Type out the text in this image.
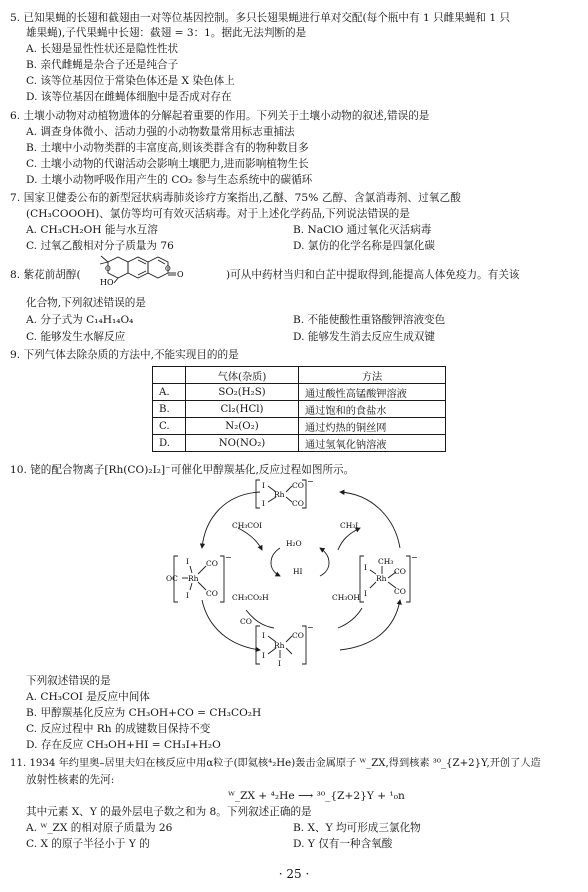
5. 已知果蝇的长翅和截翅由一对等位基因控制。多只长翅果蝇进行单对交配(每个瓶中有 1 只雌果蝇和 1 只
雄果蝇),子代果蝇中长翅：截翅 = 3：1。据此无法判断的是
A. 长翅是显性性状还是隐性性状
B. 亲代雌蝇是杂合子还是纯合子
C. 该等位基因位于常染色体还是 X 染色体上
D. 该等位基因在雌蝇体细胞中是否成对存在
6. 土壤小动物对动植物遗体的分解起着重要的作用。下列关于土壤小动物的叙述,错误的是
A. 调查身体微小、活动力强的小动物数量常用标志重捕法
B. 土壤中小动物类群的丰富度高,则该类群含有的物种数目多
C. 土壤小动物的代谢活动会影响土壤肥力,进而影响植物生长
D. 土壤小动物呼吸作用产生的 CO₂ 参与生态系统中的碳循环
7. 国家卫健委公布的新型冠状病毒肺炎诊疗方案指出,乙醚、75% 乙醇、含氯消毒剂、过氧乙酸
(CH₃COOOH)、氯仿等均可有效灭活病毒。对于上述化学药品,下列说法错误的是
A. CH₃CH₂OH 能与水互溶	B. NaClO 通过氧化灭活病毒
C. 过氧乙酸相对分子质量为 76	D. 氯仿的化学名称是四氯化碳
8. 紫花前胡醇(	O	O
O
HO
)可从中药材当归和白芷中提取得到,能提高人体免疫力。有关该
化合物,下列叙述错误的是
A. 分子式为 C₁₄H₁₄O₄	B. 不能使酸性重铬酸钾溶液变色
C. 能够发生水解反应	D. 能够发生消去反应生成双键
9. 下列气体去除杂质的方法中,不能实现目的的是
	气体(杂质)	方法
A.	SO₂(H₂S)	通过酸性高锰酸钾溶液
B.	Cl₂(HCl)	通过饱和的食盐水
C.	N₂(O₂)	通过灼热的铜丝网
D.	NO(NO₂)	通过氢氧化钠溶液
10. 铑的配合物离子[Rh(CO)₂I₂]⁻可催化甲醇羰基化,反应过程如图所示。
I
I
Rh
CO
CO
−
OC Rh
I
I
CO
CO
−	CH₃
Rh
I
I
CO
CO
−
I
I
Rh
CO
I
−
CH₃COI	CH₃I
H₂O
HI
CH₃CO₂H	CH₃OH
CO
下列叙述错误的是
A. CH₃COI 是反应中间体
B. 甲醇羰基化反应为 CH₃OH+CO = CH₃CO₂H
C. 反应过程中 Rh 的成键数目保持不变
D. 存在反应 CH₃OH+HI = CH₃I+H₂O
11. 1934 年约里奥–居里夫妇在核反应中用α粒子(即氦核⁴₂He)轰击金属原子 ᵂ_ZX,得到核素 ³⁰_{Z+2}Y,开创了人造
放射性核素的先河:
ᵂ_ZX + ⁴₂He ⟶ ³⁰_{Z+2}Y + ¹₀n
其中元素 X、Y 的最外层电子数之和为 8。下列叙述正确的是
A. ᵂ_ZX 的相对原子质量为 26	B. X、Y 均可形成三氯化物
C. X 的原子半径小于 Y 的	D. Y 仅有一种含氧酸
· 25 ·
